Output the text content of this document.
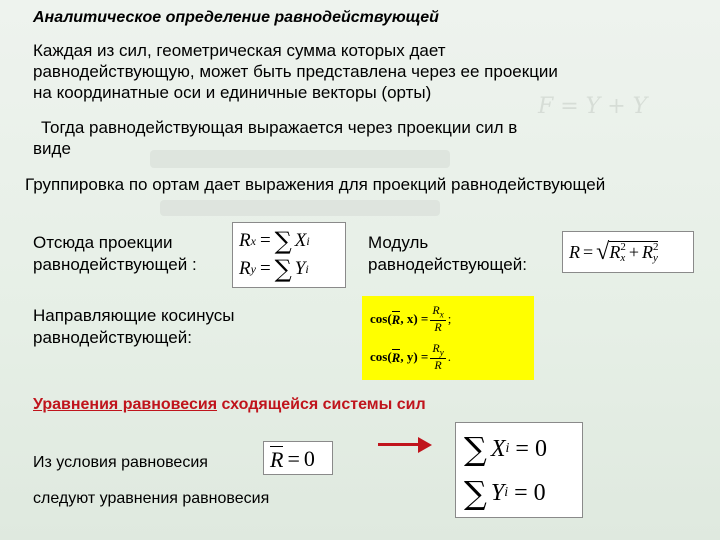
Аналитическое определение равнодействующей
Каждая из сил, геометрическая сумма которых дает
равнодействующую, может быть представлена через ее проекции
на координатные оси и единичные векторы (орты)
F = Y + Y
Тогда равнодействующая выражается через проекции сил в
виде
Группировка по ортам дает выражения для проекций равнодействующей
Отсюда проекции равнодействующей :
R x = ∑ X i
R y = ∑ Y i
Модуль равнодействующей:
R = √ R 2
x + R 2
y
Направляющие косинусы равнодействующей:
cos( R , $x) = \frac{R_x}{R}$ ;
cos( R , $y) = \frac{R_y}{R}$ .
Уравнения равновесия сходящейся системы сил
Из условия равновесия	R = 0
следуют уравнения равновесия
∑ X i = 0
∑ Y i = 0
